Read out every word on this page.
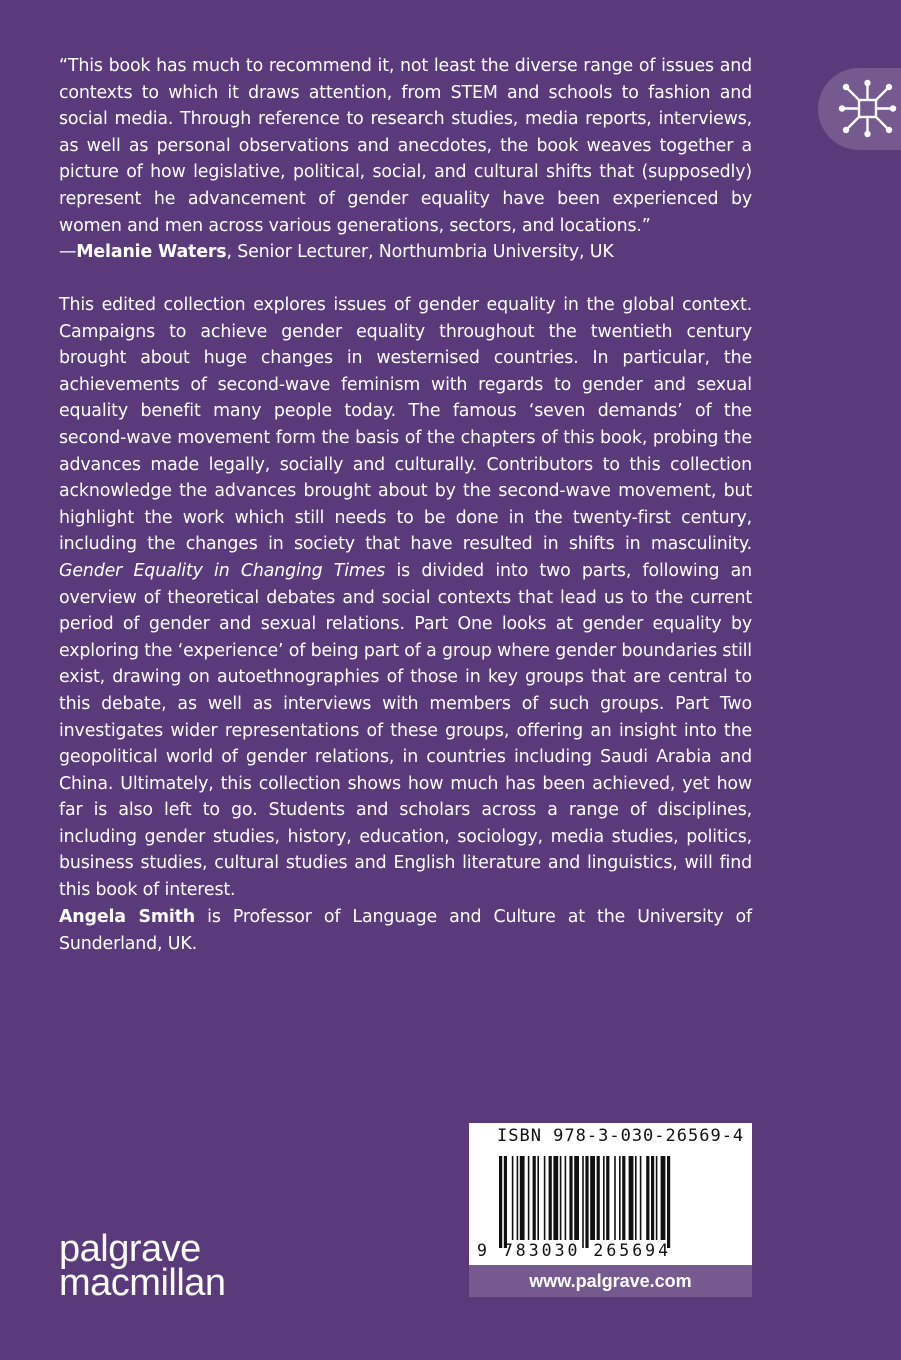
“This book has much to recommend it, not least the diverse range of issues and contexts to which it draws attention, from STEM and schools to fashion and social media. Through reference to research studies, media reports, interviews, as well as personal observations and anecdotes, the book weaves together a picture of how legislative, political, social, and cultural shifts that (supposedly) represent he advancement of gender equality have been experienced by women and men across various generations, sectors, and locations.”
—Melanie Waters, Senior Lecturer, Northumbria University, UK
This edited collection explores issues of gender equality in the global context. Campaigns to achieve gender equality throughout the twentieth century brought about huge changes in westernised countries. In particular, the achievements of second-wave feminism with regards to gender and sexual equality benefit many people today. The famous ‘seven demands’ of the second-wave movement form the basis of the chapters of this book, probing the advances made legally, socially and culturally. Contributors to this collection acknowledge the advances brought about by the second-wave movement, but highlight the work which still needs to be done in the twenty-first century, including the changes in society that have resulted in shifts in masculinity. Gender Equality in Changing Times is divided into two parts, following an overview of theoretical debates and social contexts that lead us to the current period of gender and sexual relations. Part One looks at gender equality by exploring the ‘experience’ of being part of a group where gender boundaries still exist, drawing on autoethnographies of those in key groups that are central to this debate, as well as interviews with members of such groups. Part Two investigates wider representations of these groups, offering an insight into the geopolitical world of gender relations, in countries including Saudi Arabia and China. Ultimately, this collection shows how much has been achieved, yet how far is also left to go. Students and scholars across a range of disciplines, including gender studies, history, education, sociology, media studies, politics, business studies, cultural studies and English literature and linguistics, will find this book of interest.
Angela Smith is Professor of Language and Culture at the University of Sunderland, UK.
palgrave
macmillan
ISBN 978-3-030-26569-4
9 783030 265694
www.palgrave.com
